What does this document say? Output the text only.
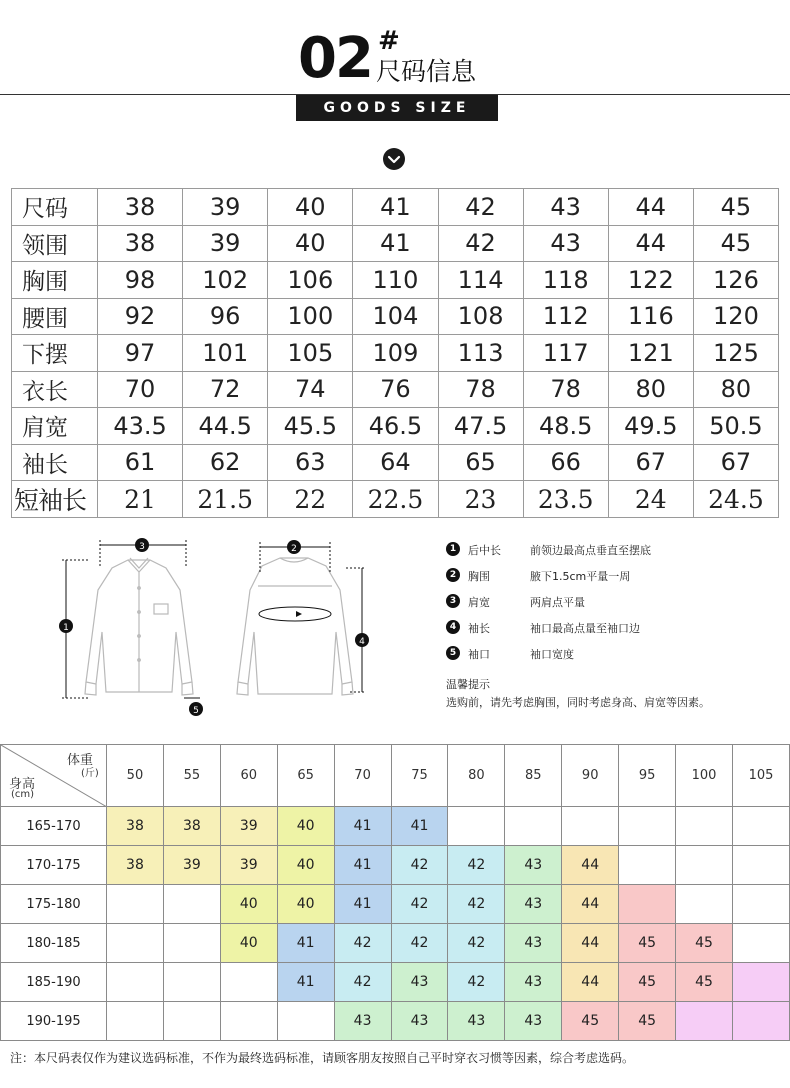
02 #
尺码信息
GOODS SIZE
尺码	38	39	40	41	42	43	44	45
领围	38	39	40	41	42	43	44	45
胸围	98	102	106	110	114	118	122	126
腰围	92	96	100	104	108	112	116	120
下摆	97	101	105	109	113	117	121	125
衣长	70	72	74	76	78	78	80	80
肩宽	43.5	44.5	45.5	46.5	47.5	48.5	49.5	50.5
袖长	61	62	63	64	65	66	67	67
短袖长	21	21.5	22	22.5	23	23.5	24	24.5
1
2
3
4
5
1	后中长	前领边最高点垂直至摆底
2	胸围	腋下1.5cm平量一周
3	肩宽	两肩点平量
4	袖长	袖口最高点量至袖口边
5	袖口	袖口宽度
温馨提示
选购前，请先考虑胸围，同时考虑身高、肩宽等因素。
体重
(斤)
身高
(cm)	50	55	60	65	70	75	80	85	90	95	100	105
165-170	38	38	39	40	41	41						
170-175	38	39	39	40	41	42	42	43	44			
175-180			40	40	41	42	42	43	44			
180-185			40	41	42	42	42	43	44	45	45	
185-190				41	42	43	42	43	44	45	45	
190-195					43	43	43	43	45	45		
注：本尺码表仅作为建议选码标准，不作为最终选码标准，请顾客朋友按照自己平时穿衣习惯等因素，综合考虑选码。
